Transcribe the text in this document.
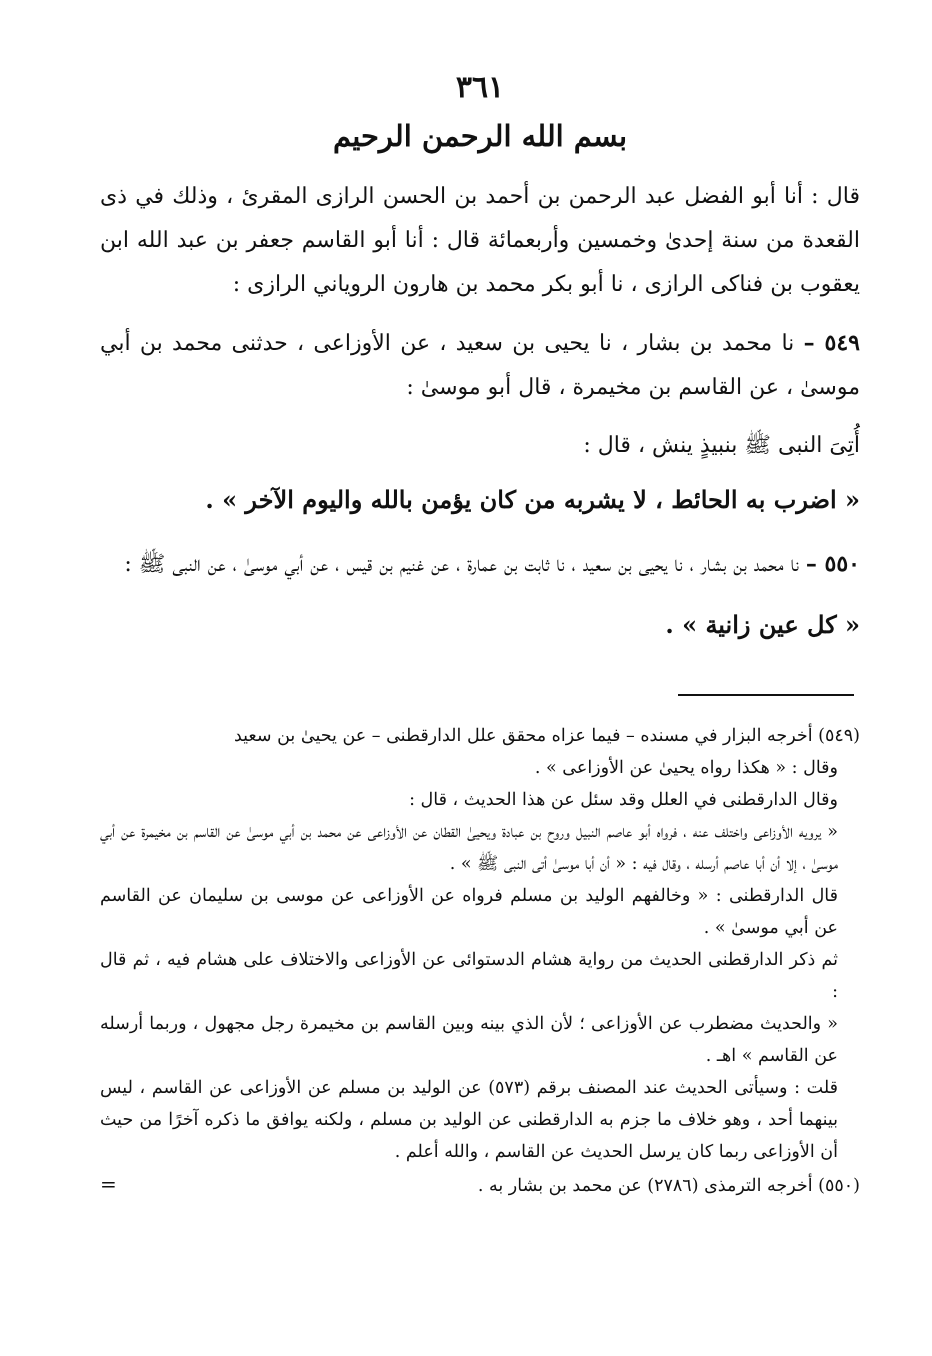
٣٦١
بسم الله الرحمن الرحيم

قال : أنا أبو الفضل عبد الرحمن بن أحمد بن الحسن الرازى المقرئ ، وذلك في ذى القعدة من سنة إحدىٰ وخمسين وأربعمائة قال : أنا أبو القاسم جعفر بن عبد الله ابن يعقوب بن فناكى الرازى ، نا أبو بكر محمد بن هارون الروياني الرازى :

٥٤٩ – نا محمد بن بشار ، نا يحيى بن سعيد ، عن الأوزاعى ، حدثنى محمد بن أبي موسىٰ ، عن القاسم بن مخيمرة ، قال أبو موسىٰ :

أُتِىَ النبى ﷺ بنبيذٍ ينش ، قال :

« اضرب به الحائط ، لا يشربه من كان يؤمن بالله واليوم الآخر » .

٥٥٠ – نا محمد بن بشار ، نا يحيى بن سعيد ، نا ثابت بن عمارة ، عن غنيم بن قيس ، عن أبي موسىٰ ، عن النبى ﷺ :

« كل عين زانية » .

(٥٤٩) أخرجه البزار في مسنده – فيما عزاه محقق علل الدارقطنى – عن يحيىٰ بن سعيد

وقال : « هكذا رواه يحيىٰ عن الأوزاعى » .

وقال الدارقطنى في العلل وقد سئل عن هذا الحديث ، قال :

« يرويه الأوزاعى واختلف عنه ، فرواه أبو عاصم النبيل وروح بن عبادة ويحيىٰ القطان عن الأوزاعى عن محمد بن أبي موسىٰ عن القاسم بن مخيمرة عن أبي موسىٰ ، إلا أن أبا عاصم أرسله ، وقال فيه : « أن أبا موسىٰ أتى النبى ﷺ » .

قال الدارقطنى : « وخالفهم الوليد بن مسلم فرواه عن الأوزاعى عن موسى بن سليمان عن القاسم عن أبي موسىٰ » .

ثم ذكر الدارقطنى الحديث من رواية هشام الدستوائى عن الأوزاعى والاختلاف على هشام فيه ، ثم قال :

« والحديث مضطرب عن الأوزاعى ؛ لأن الذي بينه وبين القاسم بن مخيمرة رجل مجهول ، وربما أرسله عن القاسم » اهـ .

قلت : وسيأتى الحديث عند المصنف برقم (٥٧٣) عن الوليد بن مسلم عن الأوزاعى عن القاسم ، ليس بينهما أحد ، وهو خلاف ما جزم به الدارقطنى عن الوليد بن مسلم ، ولكنه يوافق ما ذكره آخرًا من حيث أن الأوزاعى ربما كان يرسل الحديث عن القاسم ، والله أعلم .

(٥٥٠) أخرجه الترمذى (٢٧٨٦) عن محمد بن بشار به .
=
